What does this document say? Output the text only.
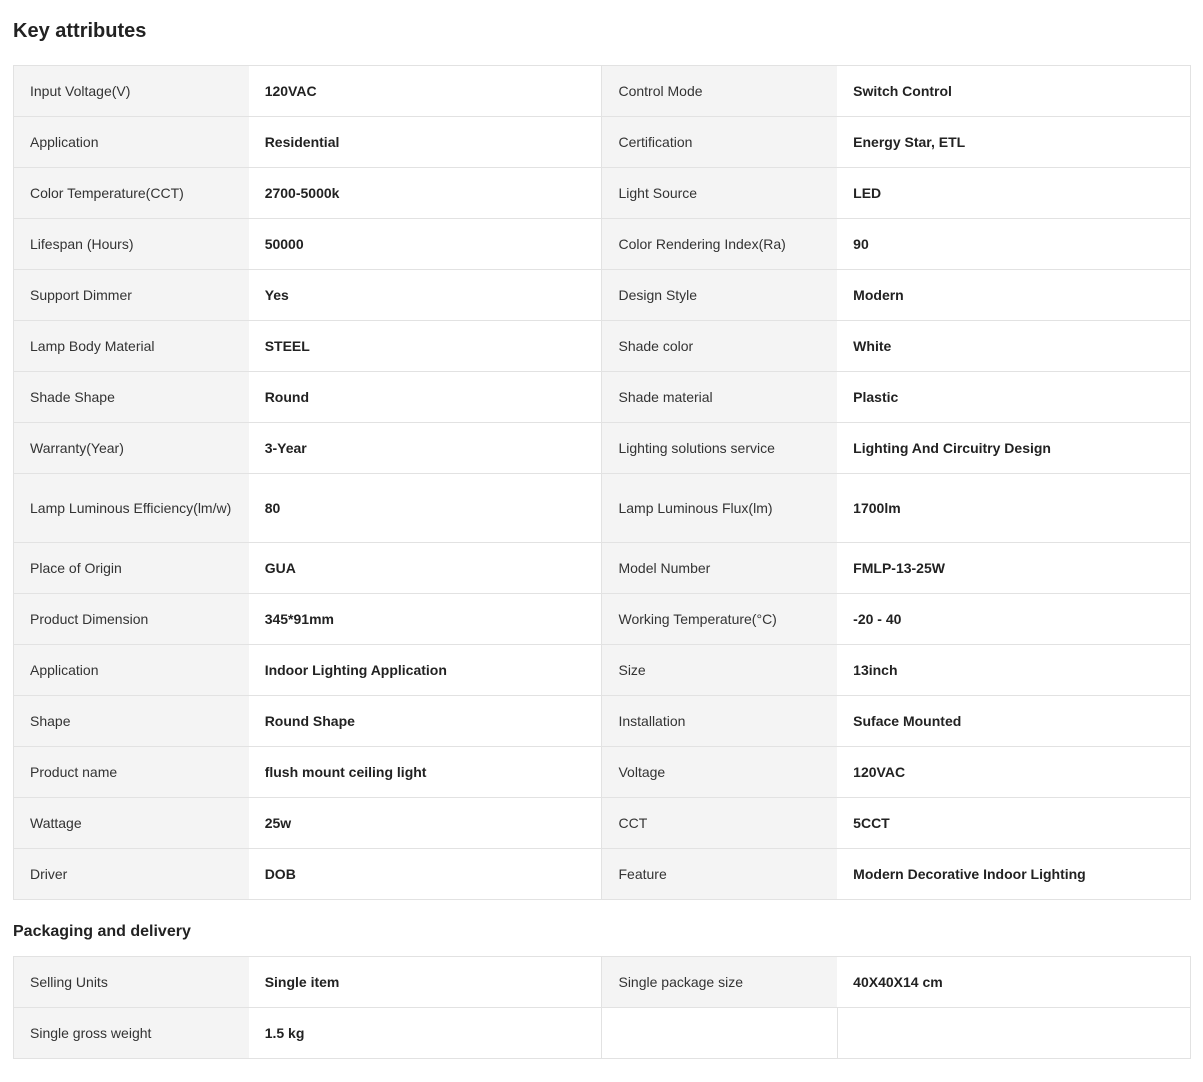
Key attributes
Input Voltage(V)	120VAC	Control Mode	Switch Control
Application	Residential	Certification	Energy Star, ETL
Color Temperature(CCT)	2700-5000k	Light Source	LED
Lifespan (Hours)	50000	Color Rendering Index(Ra)	90
Support Dimmer	Yes	Design Style	Modern
Lamp Body Material	STEEL	Shade color	White
Shade Shape	Round	Shade material	Plastic
Warranty(Year)	3-Year	Lighting solutions service	Lighting And Circuitry Design
Lamp Luminous Efficiency(lm/w)	80	Lamp Luminous Flux(lm)	1700lm
Place of Origin	GUA	Model Number	FMLP-13-25W
Product Dimension	345*91mm	Working Temperature(°C)	-20 - 40
Application	Indoor Lighting Application	Size	13inch
Shape	Round Shape	Installation	Suface Mounted
Product name	flush mount ceiling light	Voltage	120VAC
Wattage	25w	CCT	5CCT
Driver	DOB	Feature	Modern Decorative Indoor Lighting
Packaging and delivery
Selling Units	Single item	Single package size	40X40X14 cm
Single gross weight	1.5 kg		
